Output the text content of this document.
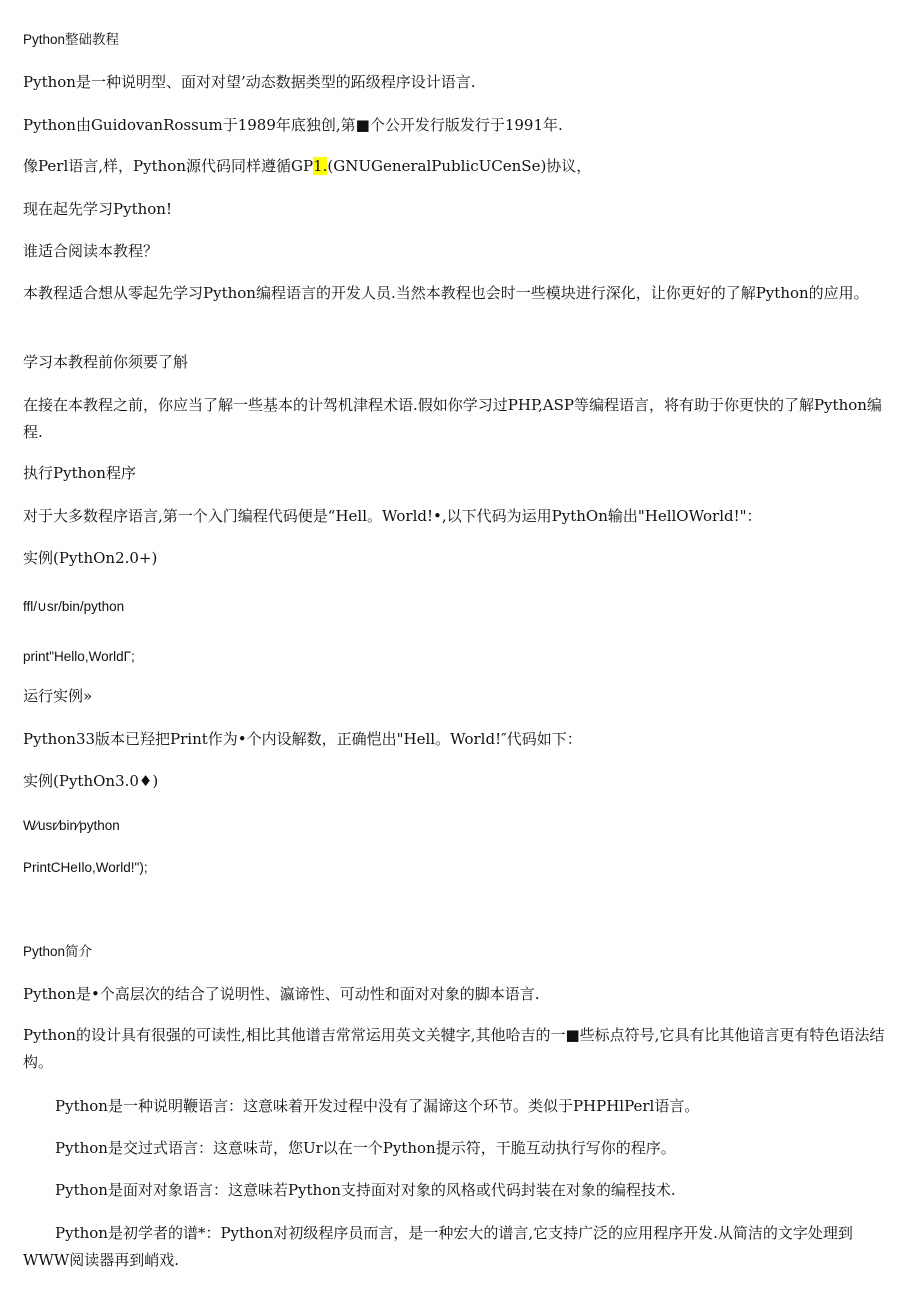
Python整础教程

Python是一种说明型、面对对望’动态数据类型的跖级程序设计语言.

Python由GuidovanRossum于1989年底独创,第■个公开发行版发行于1991年.

像Perl语言,样，Python源代码同样遵循GP1.(GNUGeneralPublicUCenSe)协议，

现在起先学习Python!

谁适合阅读本教程？

本教程适合想从零起先学习Python编程语言的开发人员.当然本教程也会时一些模块进行深化，让你更好的了解Python的应用。

学习本教程前你须要了斛

在接在本教程之前，你应当了解一些基本的计驾机津程术语.假如你学习过PHP,ASP等编程语言，将有助于你更快的了解Python编程.

执行Python程序

对于大多数程序语言,第一个入门编程代码便是“Hell。World!•,以下代码为运用PythOn输出"HellOWorld!"：

实例(PythOn2.0+)

ffl/∪sr/bin/python

print"Hello,WorldΓ;

运行实例»

Python33版本已羟把Print作为•个内设解数，正确恺出"Hell。World!″代码如下：

实例(PythOn3.0♦)

W∕usr∕bin∕python

PrintCHeIlo,World!");

Python简介

Python是•个高层次的结合了说明性、瀛谛性、可动性和面对对象的脚本语言.

Python的设计具有很强的可读性,相比其他谱吉常常运用英文关犍字,其他哈吉的一■些标点符号,它具有比其他谙言更有特色语法结构。

Python是一种说明鞭语言：这意味着开发过程中没有了漏谛这个环节。类似于PHPHlPerl语言。

Python是交过式语言：这意味苛，您Ur以在一个Python提示符，干脆互动执行写你的程序。

Python是面对对象语言：这意味若Python支持面对对象的风格或代码封装在对象的编程技术.

Python是初学者的谱*：Python对初级程序员而言，是一种宏大的谱言,它支持广泛的应用程序开发.从简洁的文字处理到WWW阅读器再到峭戏.
